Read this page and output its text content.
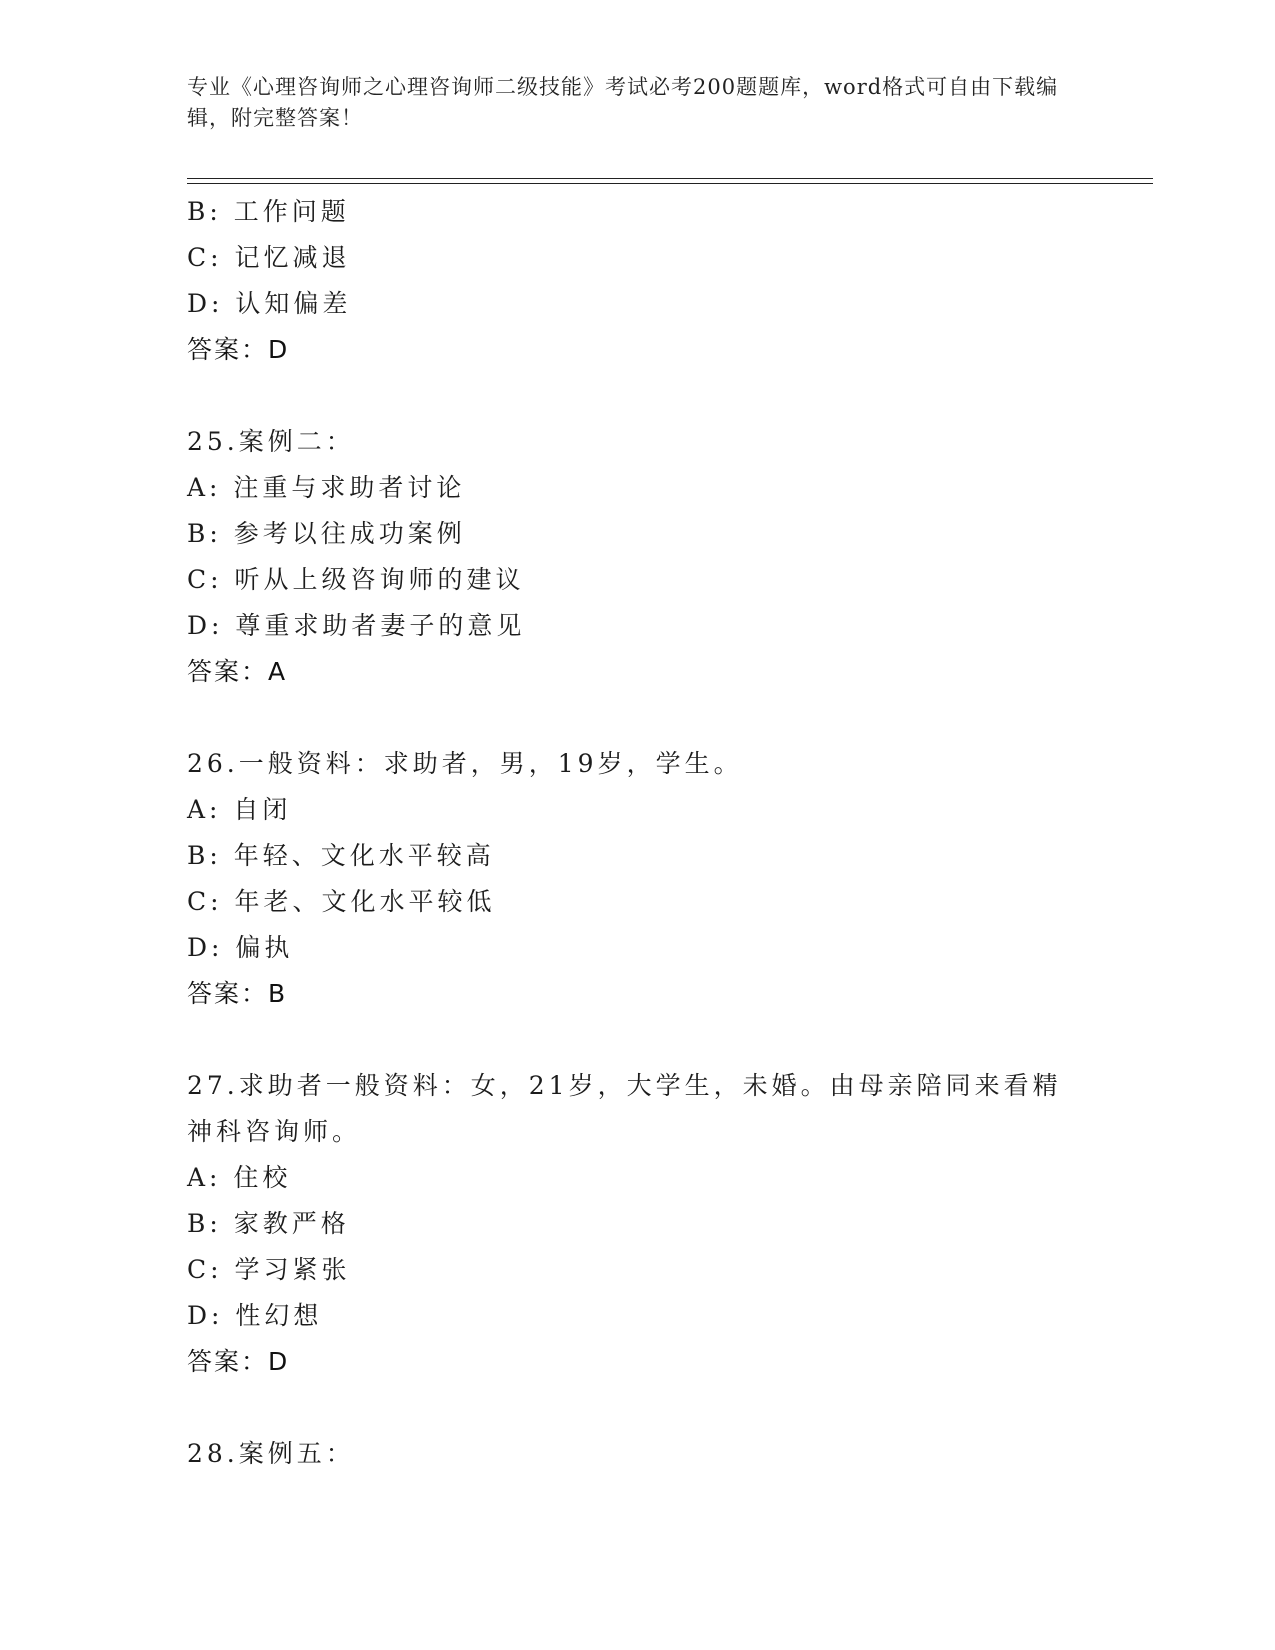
专业《心理咨询师之心理咨询师二级技能》考试必考200题题库，word格式可自由下载编辑，附完整答案！
B: 工作问题
C: 记忆减退
D: 认知偏差
答案：D
25.案例二：
A: 注重与求助者讨论
B: 参考以往成功案例
C: 听从上级咨询师的建议
D: 尊重求助者妻子的意见
答案：A
26.一般资料：求助者，男，19岁，学生。
A: 自闭
B: 年轻、文化水平较高
C: 年老、文化水平较低
D: 偏执
答案：B
27.求助者一般资料：女，21岁，大学生，未婚。由母亲陪同来看精神科咨询师。
A: 住校
B: 家教严格
C: 学习紧张
D: 性幻想
答案：D
28.案例五：
